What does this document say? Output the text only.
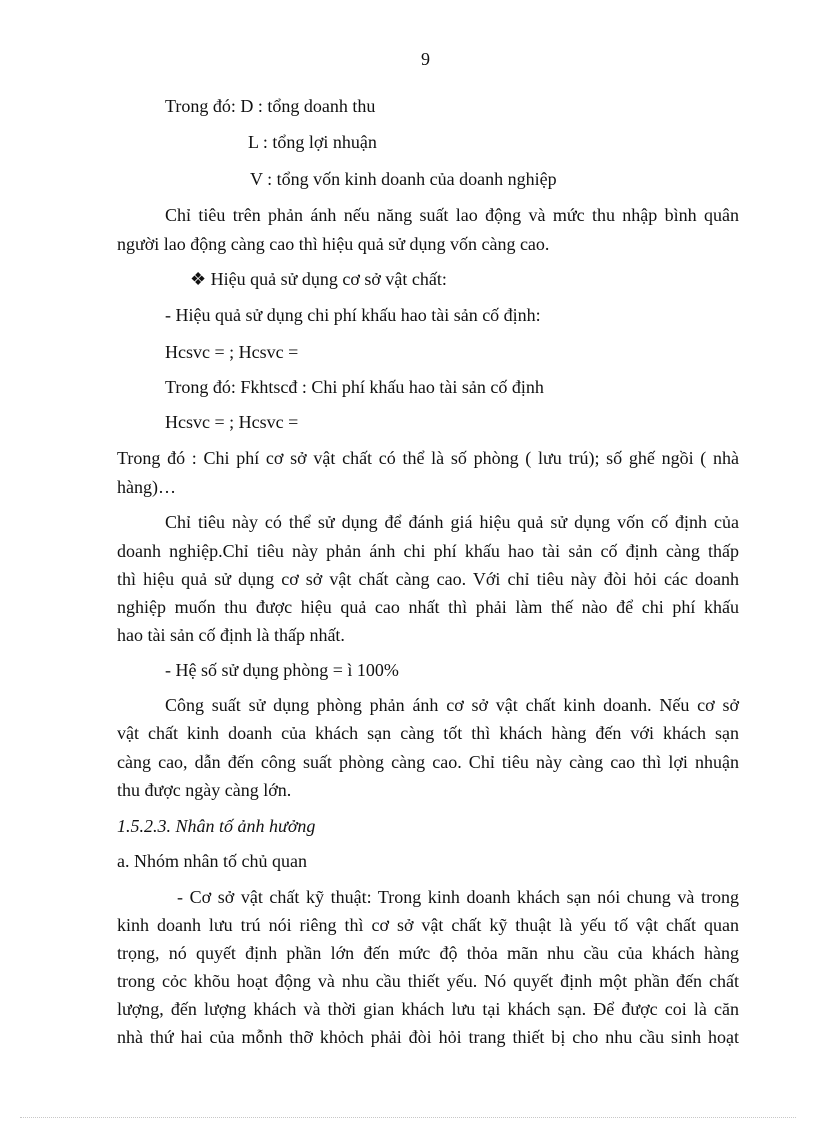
9
Trong đó: D : tổng doanh thu
L : tổng lợi nhuận
V : tổng vốn kinh doanh của doanh nghiệp
Chỉ tiêu trên phản ánh nếu năng suất lao động và mức thu nhập bình quân
người lao động càng cao thì hiệu quả sử dụng vốn càng cao.
❖ Hiệu quả sử dụng cơ sở vật chất:
- Hiệu quả sử dụng chi phí khấu hao tài sản cố định:
Hcsvc = ; Hcsvc =
Trong đó: Fkhtscđ : Chi phí khấu hao tài sản cố định
Hcsvc = ; Hcsvc =
Trong đó : Chi phí cơ sở vật chất có thể là số phòng ( lưu trú); số ghế ngồi ( nhà
hàng)…
Chỉ tiêu này có thể sử dụng để đánh giá hiệu quả sử dụng vốn cố định của
doanh nghiệp.Chỉ tiêu này phản ánh chi phí khấu hao tài sản cố định càng thấp
thì hiệu quả sử dụng cơ sở vật chất càng cao. Với chỉ tiêu này đòi hỏi các doanh
nghiệp muốn thu được hiệu quả cao nhất thì phải làm thế nào để chi phí khấu
hao tài sản cố định là thấp nhất.
- Hệ số sử dụng phòng = ì 100%
Công suất sử dụng phòng phản ánh cơ sở vật chất kinh doanh. Nếu cơ sở
vật chất kinh doanh của khách sạn càng tốt thì khách hàng đến với khách sạn
càng cao, dẫn đến công suất phòng càng cao. Chỉ tiêu này càng cao thì lợi nhuận
thu được ngày càng lớn.
1.5.2.3. Nhân tố ảnh hưởng
a. Nhóm nhân tố chủ quan
- Cơ sở vật chất kỹ thuật: Trong kinh doanh khách sạn nói chung và trong
kinh doanh lưu trú nói riêng thì cơ sở vật chất kỹ thuật là yếu tố vật chất quan
trọng, nó quyết định phần lớn đến mức độ thỏa mãn nhu cầu của khách hàng
trong cỏc khõu hoạt động và nhu cầu thiết yếu. Nó quyết định một phần đến chất
lượng, đến lượng khách và thời gian khách lưu tại khách sạn. Để được coi là căn
nhà thứ hai của mỗnh thỡ khỏch phải đòi hỏi trang thiết bị cho nhu cầu sinh hoạt
